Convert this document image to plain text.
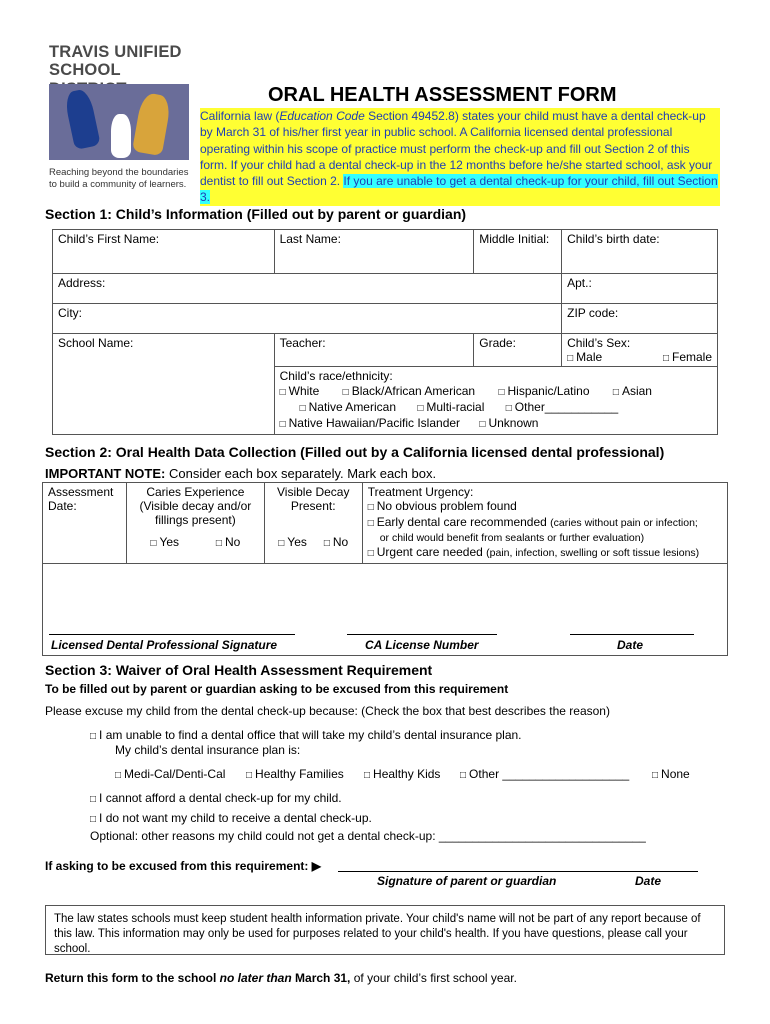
TRAVIS UNIFIED
SCHOOL
Reaching beyond the boundaries
to build a community of learners.
ORAL HEALTH ASSESSMENT FORM
California law (Education Code Section 49452.8) states your child must have a dental check-up by March 31 of his/her first year in public school. A California licensed dental professional operating within his scope of practice must perform the check-up and fill out Section 2 of this form. If your child had a dental check-up in the 12 months before he/she started school, ask your dentist to fill out Section 2. If you are unable to get a dental check-up for your child, fill out Section 3.
Section 1: Child’s Information (Filled out by parent or guardian)
Child’s First Name:	Last Name:	Middle Initial:	Child’s birth date:
Address:			Apt.:
City:			ZIP code:
School Name:	Teacher:	Grade:	Child’s Sex:
□ Male □ Female

	Child’s race/ethnicity:
□ White □ Black/African American □ Hispanic/Latino □ Asian
□ Native American □ Multi-racial □ Other___________
□ Native Hawaiian/Pacific Islander □ Unknown
Section 2: Oral Health Data Collection (Filled out by a California licensed dental professional)
IMPORTANT NOTE: Consider each box separately. Mark each box.
Assessment
Date:

Caries Experience
(Visible decay and/or
fillings present)
□ Yes	□ No

Visible Decay
Present:
□ Yes	□ No

Treatment Urgency:
□ No obvious problem found
□ Early dental care recommended (caries without pain or infection;
or child would benefit from sealants or further evaluation)
□ Urgent care needed (pain, infection, swelling or soft tissue lesions)

Licensed Dental Professional Signature	CA License Number	Date
Section 3: Waiver of Oral Health Assessment Requirement
To be filled out by parent or guardian asking to be excused from this requirement
Please excuse my child from the dental check-up because: (Check the box that best describes the reason)
□ I am unable to find a dental office that will take my child’s dental insurance plan.
My child’s dental insurance plan is:
□ Medi-Cal/Denti-Cal	□ Healthy Families	□ Healthy Kids	□ Other ___________________	□ None
□ I cannot afford a dental check-up for my child.
□ I do not want my child to receive a dental check-up.
Optional: other reasons my child could not get a dental check-up: _______________________________
If asking to be excused from this requirement: ▶
Signature of parent or guardian	Date
The law states schools must keep student health information private. Your child's name will not be part of any report because of this law. This information may only be used for purposes related to your child's health. If you have questions, please call your school.
Return this form to the school no later than March 31, of your child’s first school year.
